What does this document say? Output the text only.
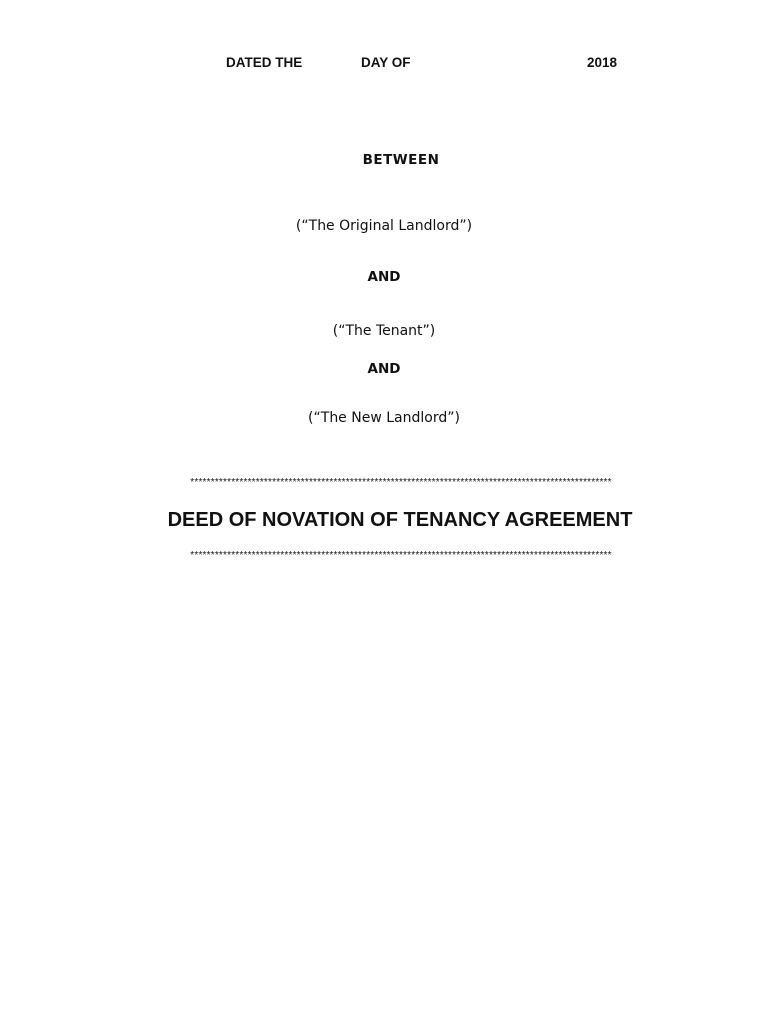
DATED THE	DAY OF	2018
BETWEEN
(“The Original Landlord”)
AND
(“The Tenant”)
AND
(“The New Landlord”)
*******************************************************************************************************
DEED OF NOVATION OF TENANCY AGREEMENT
*******************************************************************************************************
